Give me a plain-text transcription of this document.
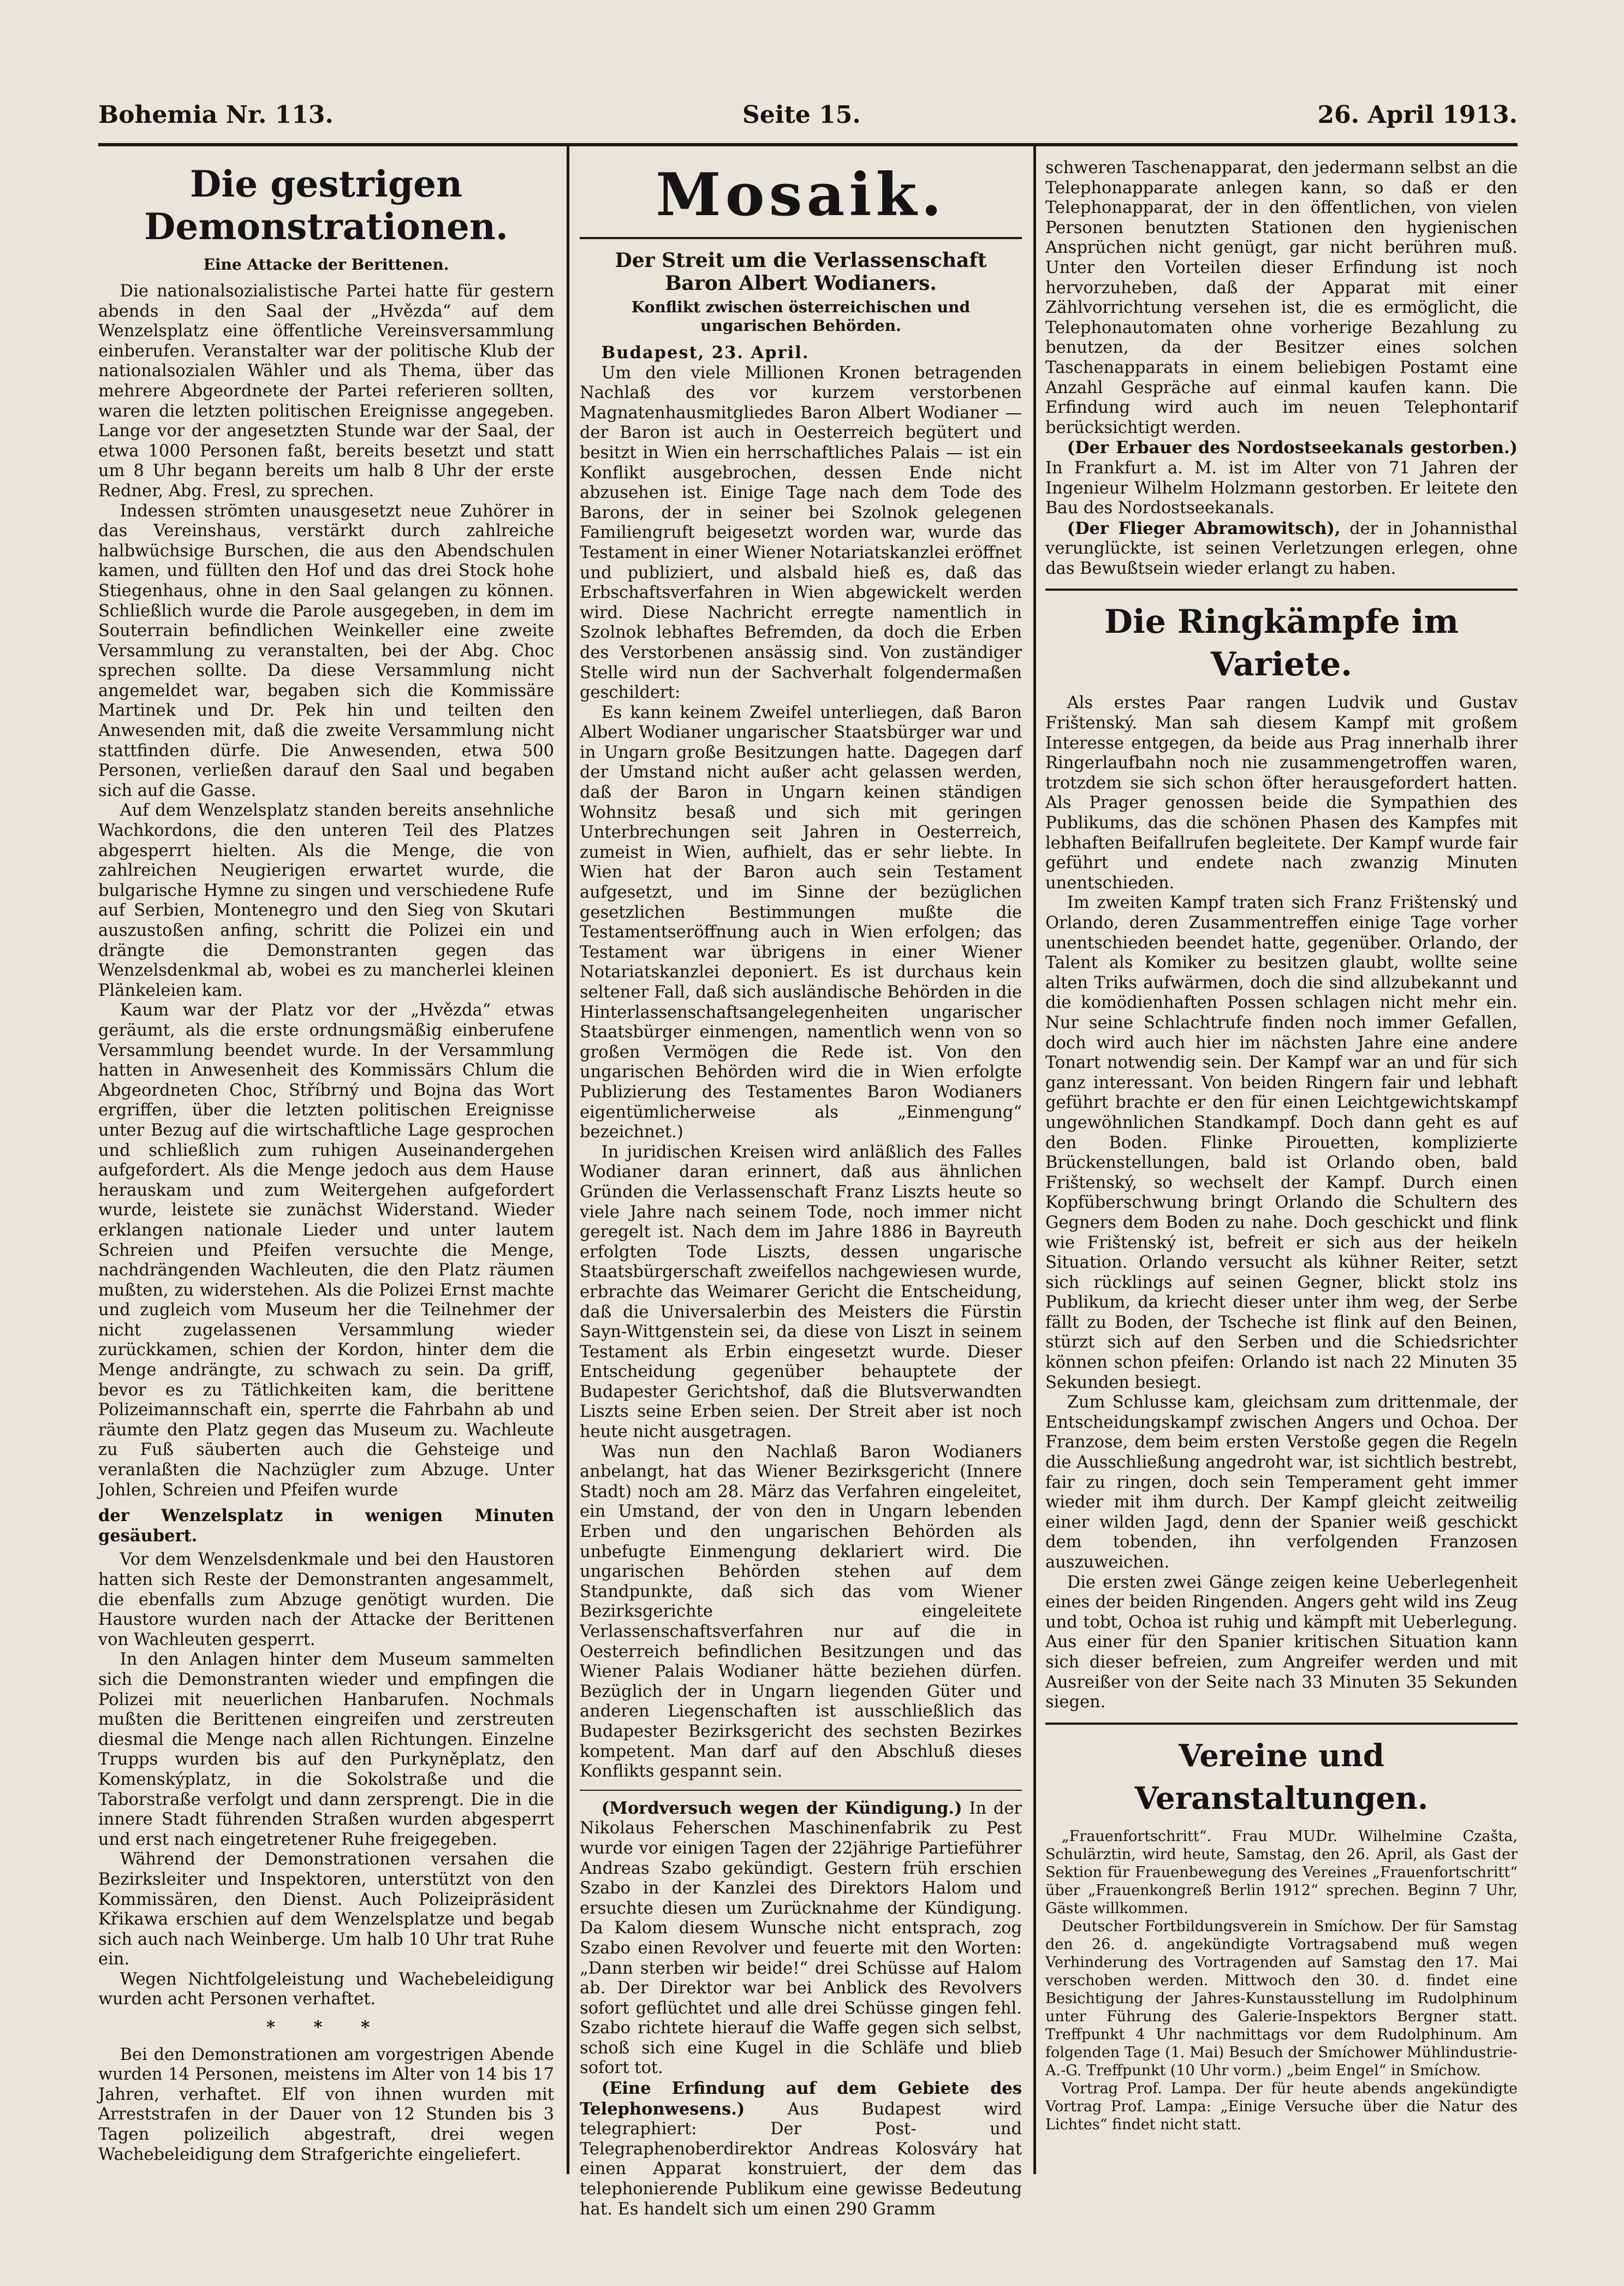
Bohemia Nr. 113.	Seite 15.	26. April 1913.
Die gestrigen Demonstrationen.
Eine Attacke der Berittenen.

Die nationalsozialistische Partei hatte für gestern abends in den Saal der „Hvězda“ auf dem Wenzelsplatz eine öffentliche Vereinsversammlung einberufen. Veranstalter war der politische Klub der nationalsozialen Wähler und als Thema, über das mehrere Abgeordnete der Partei referieren sollten, waren die letzten politischen Ereignisse angegeben. Lange vor der angesetzten Stunde war der Saal, der etwa 1000 Personen faßt, bereits besetzt und statt um 8 Uhr begann bereits um halb 8 Uhr der erste Redner, Abg. Fresl, zu sprechen.

Indessen strömten unausgesetzt neue Zuhörer in das Vereinshaus, verstärkt durch zahlreiche halbwüchsige Burschen, die aus den Abendschulen kamen, und füllten den Hof und das drei Stock hohe Stiegenhaus, ohne in den Saal gelangen zu können. Schließlich wurde die Parole ausgegeben, in dem im Souterrain befindlichen Weinkeller eine zweite Versammlung zu veranstalten, bei der Abg. Choc sprechen sollte. Da diese Versammlung nicht angemeldet war, begaben sich die Kommissäre Martinek und Dr. Pek hin und teilten den Anwesenden mit, daß die zweite Versammlung nicht stattfinden dürfe. Die Anwesenden, etwa 500 Personen, verließen darauf den Saal und begaben sich auf die Gasse.

Auf dem Wenzelsplatz standen bereits ansehnliche Wachkordons, die den unteren Teil des Platzes abgesperrt hielten. Als die Menge, die von zahlreichen Neugierigen erwartet wurde, die bulgarische Hymne zu singen und verschiedene Rufe auf Serbien, Montenegro und den Sieg von Skutari auszustoßen anfing, schritt die Polizei ein und drängte die Demonstranten gegen das Wenzelsdenkmal ab, wobei es zu mancherlei kleinen Plänkeleien kam.

Kaum war der Platz vor der „Hvězda“ etwas geräumt, als die erste ordnungsmäßig einberufene Versammlung beendet wurde. In der Versammlung hatten in Anwesenheit des Kommissärs Chlum die Abgeordneten Choc, Stříbrný und Bojna das Wort ergriffen, über die letzten politischen Ereignisse unter Bezug auf die wirtschaftliche Lage gesprochen und schließlich zum ruhigen Auseinandergehen aufgefordert. Als die Menge jedoch aus dem Hause herauskam und zum Weitergehen aufgefordert wurde, leistete sie zunächst Widerstand. Wieder erklangen nationale Lieder und unter lautem Schreien und Pfeifen versuchte die Menge, nachdrängenden Wachleuten, die den Platz räumen mußten, zu widerstehen. Als die Polizei Ernst machte und zugleich vom Museum her die Teilnehmer der nicht zugelassenen Versammlung wieder zurückkamen, schien der Kordon, hinter dem die Menge andrängte, zu schwach zu sein. Da griff, bevor es zu Tätlichkeiten kam, die berittene Polizeimannschaft ein, sperrte die Fahrbahn ab und räumte den Platz gegen das Museum zu. Wachleute zu Fuß säuberten auch die Gehsteige und veranlaßten die Nachzügler zum Abzuge. Unter Johlen, Schreien und Pfeifen wurde

der Wenzelsplatz in wenigen Minuten gesäubert.

Vor dem Wenzelsdenkmale und bei den Haustoren hatten sich Reste der Demonstranten angesammelt, die ebenfalls zum Abzuge genötigt wurden. Die Haustore wurden nach der Attacke der Berittenen von Wachleuten gesperrt.

In den Anlagen hinter dem Museum sammelten sich die Demonstranten wieder und empfingen die Polizei mit neuerlichen Hanbarufen. Nochmals mußten die Berittenen eingreifen und zerstreuten diesmal die Menge nach allen Richtungen. Einzelne Trupps wurden bis auf den Purkyněplatz, den Komenskýplatz, in die Sokolstraße und die Taborstraße verfolgt und dann zersprengt. Die in die innere Stadt führenden Straßen wurden abgesperrt und erst nach eingetretener Ruhe freigegeben.

Während der Demonstrationen versahen die Bezirksleiter und Inspektoren, unterstützt von den Kommissären, den Dienst. Auch Polizeipräsident Křikawa erschien auf dem Wenzelsplatze und begab sich auch nach Weinberge. Um halb 10 Uhr trat Ruhe ein.

Wegen Nichtfolgeleistung und Wachebeleidigung wurden acht Personen verhaftet.

* * *

Bei den Demonstrationen am vorgestrigen Abende wurden 14 Personen, meistens im Alter von 14 bis 17 Jahren, verhaftet. Elf von ihnen wurden mit Arreststrafen in der Dauer von 12 Stunden bis 3 Tagen polizeilich abgestraft, drei wegen Wachebeleidigung dem Strafgerichte eingeliefert.

Mosaik.
Der Streit um die Verlassenschaft Baron Albert Wodianers.
Konflikt zwischen österreichischen und ungarischen Behörden.

Budapest, 23. April.

Um den viele Millionen Kronen betragenden Nachlaß des vor kurzem verstorbenen Magnatenhausmitgliedes Baron Albert Wodianer — der Baron ist auch in Oesterreich begütert und besitzt in Wien ein herrschaftliches Palais — ist ein Konflikt ausgebrochen, dessen Ende nicht abzusehen ist. Einige Tage nach dem Tode des Barons, der in seiner bei Szolnok gelegenen Familiengruft beigesetzt worden war, wurde das Testament in einer Wiener Notariatskanzlei eröffnet und publiziert, und alsbald hieß es, daß das Erbschaftsverfahren in Wien abgewickelt werden wird. Diese Nachricht erregte namentlich in Szolnok lebhaftes Befremden, da doch die Erben des Verstorbenen ansässig sind. Von zuständiger Stelle wird nun der Sachverhalt folgendermaßen geschildert:

Es kann keinem Zweifel unterliegen, daß Baron Albert Wodianer ungarischer Staatsbürger war und in Ungarn große Besitzungen hatte. Dagegen darf der Umstand nicht außer acht gelassen werden, daß der Baron in Ungarn keinen ständigen Wohnsitz besaß und sich mit geringen Unterbrechungen seit Jahren in Oesterreich, zumeist in Wien, aufhielt, das er sehr liebte. In Wien hat der Baron auch sein Testament aufgesetzt, und im Sinne der bezüglichen gesetzlichen Bestimmungen mußte die Testamentseröffnung auch in Wien erfolgen; das Testament war übrigens in einer Wiener Notariatskanzlei deponiert. Es ist durchaus kein seltener Fall, daß sich ausländische Behörden in die Hinterlassenschaftsangelegenheiten ungarischer Staatsbürger einmengen, namentlich wenn von so großen Vermögen die Rede ist. Von den ungarischen Behörden wird die in Wien erfolgte Publizierung des Testamentes Baron Wodianers eigentümlicherweise als „Einmengung“ bezeichnet.)

In juridischen Kreisen wird anläßlich des Falles Wodianer daran erinnert, daß aus ähnlichen Gründen die Verlassenschaft Franz Liszts heute so viele Jahre nach seinem Tode, noch immer nicht geregelt ist. Nach dem im Jahre 1886 in Bayreuth erfolgten Tode Liszts, dessen ungarische Staatsbürgerschaft zweifellos nachgewiesen wurde, erbrachte das Weimarer Gericht die Entscheidung, daß die Universalerbin des Meisters die Fürstin Sayn-Wittgenstein sei, da diese von Liszt in seinem Testament als Erbin eingesetzt wurde. Dieser Entscheidung gegenüber behauptete der Budapester Gerichtshof, daß die Blutsverwandten Liszts seine Erben seien. Der Streit aber ist noch heute nicht ausgetragen.

Was nun den Nachlaß Baron Wodianers anbelangt, hat das Wiener Bezirksgericht (Innere Stadt) noch am 28. März das Verfahren eingeleitet, ein Umstand, der von den in Ungarn lebenden Erben und den ungarischen Behörden als unbefugte Einmengung deklariert wird. Die ungarischen Behörden stehen auf dem Standpunkte, daß sich das vom Wiener Bezirksgerichte eingeleitete Verlassenschaftsverfahren nur auf die in Oesterreich befindlichen Besitzungen und das Wiener Palais Wodianer hätte beziehen dürfen. Bezüglich der in Ungarn liegenden Güter und anderen Liegenschaften ist ausschließlich das Budapester Bezirksgericht des sechsten Bezirkes kompetent. Man darf auf den Abschluß dieses Konflikts gespannt sein.

(Mordversuch wegen der Kündigung.) In der Nikolaus Feherschen Maschinenfabrik zu Pest wurde vor einigen Tagen der 22jährige Partieführer Andreas Szabo gekündigt. Gestern früh erschien Szabo in der Kanzlei des Direktors Halom und ersuchte diesen um Zurücknahme der Kündigung. Da Kalom diesem Wunsche nicht entsprach, zog Szabo einen Revolver und feuerte mit den Worten: „Dann sterben wir beide!“ drei Schüsse auf Halom ab. Der Direktor war bei Anblick des Revolvers sofort geflüchtet und alle drei Schüsse gingen fehl. Szabo richtete hierauf die Waffe gegen sich selbst, schoß sich eine Kugel in die Schläfe und blieb sofort tot.

(Eine Erfindung auf dem Gebiete des Telephonwesens.)	Aus Budapest wird telegraphiert: Der Post- und Telegraphenoberdirektor Andreas Kolosváry hat einen Apparat konstruiert, der dem das telephonierende Publikum eine gewisse Bedeutung hat. Es handelt sich um einen 290 Gramm

schweren Taschenapparat, den jedermann selbst an die Telephonapparate anlegen kann, so daß er den Telephonapparat, der in den öffentlichen, von vielen Personen benutzten Stationen den hygienischen Ansprüchen nicht genügt, gar nicht berühren muß. Unter den Vorteilen dieser Erfindung ist noch hervorzuheben, daß der Apparat mit einer Zählvorrichtung versehen ist, die es ermöglicht, die Telephonautomaten ohne vorherige Bezahlung zu benutzen, da der Besitzer eines solchen Taschenapparats in einem beliebigen Postamt eine Anzahl Gespräche auf einmal kaufen kann. Die Erfindung wird auch im neuen Telephontarif berücksichtigt werden.

(Der Erbauer des Nordostseekanals gestorben.) In Frankfurt a. M. ist im Alter von 71 Jahren der Ingenieur Wilhelm Holzmann gestorben. Er leitete den Bau des Nordostseekanals.

(Der Flieger Abramowitsch), der in Johannisthal verunglückte, ist seinen Verletzungen erlegen, ohne das Bewußtsein wieder erlangt zu haben.

Die Ringkämpfe im Variete.

Als erstes Paar rangen Ludvik und Gustav Frištenský. Man sah diesem Kampf mit großem Interesse entgegen, da beide aus Prag innerhalb ihrer Ringerlaufbahn noch nie zusammengetroffen waren, trotzdem sie sich schon öfter herausgefordert hatten. Als Prager genossen beide die Sympathien des Publikums, das die schönen Phasen des Kampfes mit lebhaften Beifallrufen begleitete. Der Kampf wurde fair geführt und endete nach zwanzig Minuten unentschieden.

Im zweiten Kampf traten sich Franz Frištenský und Orlando, deren Zusammentreffen einige Tage vorher unentschieden beendet hatte, gegenüber. Orlando, der Talent als Komiker zu besitzen glaubt, wollte seine alten Triks aufwärmen, doch die sind allzubekannt und die komödienhaften Possen schlagen nicht mehr ein. Nur seine Schlachtrufe finden noch immer Gefallen, doch wird auch hier im nächsten Jahre eine andere Tonart notwendig sein. Der Kampf war an und für sich ganz interessant. Von beiden Ringern fair und lebhaft geführt brachte er den für einen Leichtgewichtskampf ungewöhnlichen Standkampf. Doch dann geht es auf den Boden. Flinke Pirouetten, komplizierte Brückenstellungen, bald ist Orlando oben, bald Frištenský, so wechselt der Kampf. Durch einen Kopfüberschwung bringt Orlando die Schultern des Gegners dem Boden zu nahe. Doch geschickt und flink wie Frištenský ist, befreit er sich aus der heikeln Situation. Orlando versucht als kühner Reiter, setzt sich rücklings auf seinen Gegner, blickt stolz ins Publikum, da kriecht dieser unter ihm weg, der Serbe fällt zu Boden, der Tscheche ist flink auf den Beinen, stürzt sich auf den Serben und die Schiedsrichter können schon pfeifen: Orlando ist nach 22 Minuten 35 Sekunden besiegt.

Zum Schlusse kam, gleichsam zum drittenmale, der Entscheidungskampf zwischen Angers und Ochoa. Der Franzose, dem beim ersten Verstoße gegen die Regeln die Ausschließung angedroht war, ist sichtlich bestrebt, fair zu ringen, doch sein Temperament geht immer wieder mit ihm durch. Der Kampf gleicht zeitweilig einer wilden Jagd, denn der Spanier weiß geschickt dem tobenden, ihn verfolgenden Franzosen auszuweichen.

Die ersten zwei Gänge zeigen keine Ueberlegenheit eines der beiden Ringenden. Angers geht wild ins Zeug und tobt, Ochoa ist ruhig und kämpft mit Ueberlegung. Aus einer für den Spanier kritischen Situation kann sich dieser befreien, zum Angreifer werden und mit Ausreißer von der Seite nach 33 Minuten 35 Sekunden siegen.

Vereine und Veranstaltungen.

„Frauenfortschritt“. Frau MUDr. Wilhelmine Czašta, Schulärztin, wird heute, Samstag, den 26. April, als Gast der Sektion für Frauenbewegung des Vereines „Frauenfortschritt“ über „Frauenkongreß Berlin 1912“ sprechen. Beginn 7 Uhr, Gäste willkommen.

Deutscher Fortbildungsverein in Smíchow. Der für Samstag den 26. d. angekündigte Vortragsabend muß wegen Verhinderung des Vortragenden auf Samstag den 17. Mai verschoben werden. Mittwoch den 30. d. findet eine Besichtigung der Jahres-Kunstausstellung im Rudolphinum unter Führung des Galerie-Inspektors Bergner statt. Treffpunkt 4 Uhr nachmittags vor dem Rudolphinum. Am folgenden Tage (1. Mai) Besuch der Smíchower Mühlindustrie-A.-G. Treffpunkt (10 Uhr vorm.) „beim Engel“ in Smíchow.

Vortrag Prof. Lampa. Der für heute abends angekündigte Vortrag Prof. Lampa: „Einige Versuche über die Natur des Lichtes“ findet nicht statt.
